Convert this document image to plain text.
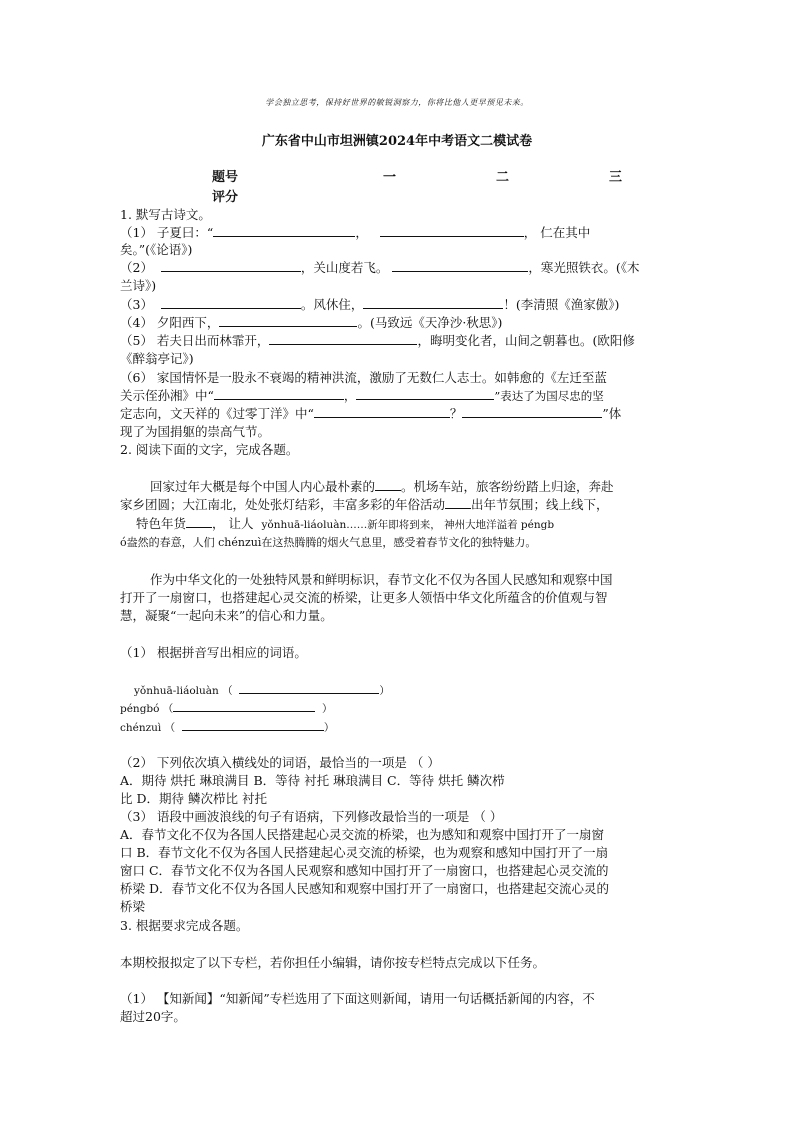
学会独立思考，保持好世界的敏锐洞察力，你将比他人更早预见未来。
广东省中山市坦洲镇2024年中考语文二模试卷
题号	一	二	三
评分
1. 默写古诗文。
（1） 子夏曰：“	，	， 仁在其中
矣。”(《论语》)
（2）	，关山度若飞。	，寒光照铁衣。(《木
兰诗》)
（3）	。风休住，	！(李清照《渔家傲》)
（4） 夕阳西下，	。(马致远《天净沙·秋思》)
（5） 若夫日出而林霏开，	，晦明变化者，山间之朝暮也。(欧阳修
《醉翁亭记》)
（6） 家国情怀是一股永不衰竭的精神洪流，激励了无数仁人志士。如韩愈的《左迁至蓝
关示侄孙湘》中“	，	”表达了为国尽忠的坚
定志向，文天祥的《过零丁洋》中“	？	”体
现了为国捐躯的崇高气节。
2. 阅读下面的文字，完成各题。
回家过年大概是每个中国人内心最朴素的 。机场车站，旅客纷纷踏上归途，奔赴
家乡团圆；大江南北，处处张灯结彩，丰富多彩的年俗活动 出年节氛围；线上线下，
特色年货 ， 让人 yǒnhuā-liáoluàn……新年即将到来， 神州大地洋溢着 péngb
ó盎然的春意，人们 chénzuì在这热腾腾的烟火气息里，感受着春节文化的独特魅力。
作为中华文化的一处独特风景和鲜明标识，春节文化不仅为各国人民感知和观察中国
打开了一扇窗口，也搭建起心灵交流的桥梁，让更多人领悟中华文化所蕴含的价值观与智
慧，凝聚“一起向未来”的信心和力量。
（1） 根据拼音写出相应的词语。
yǒnhuā-liáoluàn （	）
péngbó （	）
chénzuì （	）
（2） 下列依次填入横线处的词语，最恰当的一项是 （ ）
A．期待 烘托 琳琅满目 B．等待 衬托 琳琅满目 C．等待 烘托 鳞次栉
比 D．期待 鳞次栉比 衬托
（3） 语段中画波浪线的句子有语病，下列修改最恰当的一项是 （ ）
A．春节文化不仅为各国人民搭建起心灵交流的桥梁，也为感知和观察中国打开了一扇窗
口 B．春节文化不仅为各国人民搭建起心灵交流的桥梁，也为观察和感知中国打开了一扇
窗口 C．春节文化不仅为各国人民观察和感知中国打开了一扇窗口，也搭建起心灵交流的
桥梁 D．春节文化不仅为各国人民感知和观察中国打开了一扇窗口，也搭建起交流心灵的
桥梁
3. 根据要求完成各题。
本期校报拟定了以下专栏，若你担任小编辑，请你按专栏特点完成以下任务。
（1） 【知新闻】“知新闻”专栏选用了下面这则新闻，请用一句话概括新闻的内容，不
超过20字。
